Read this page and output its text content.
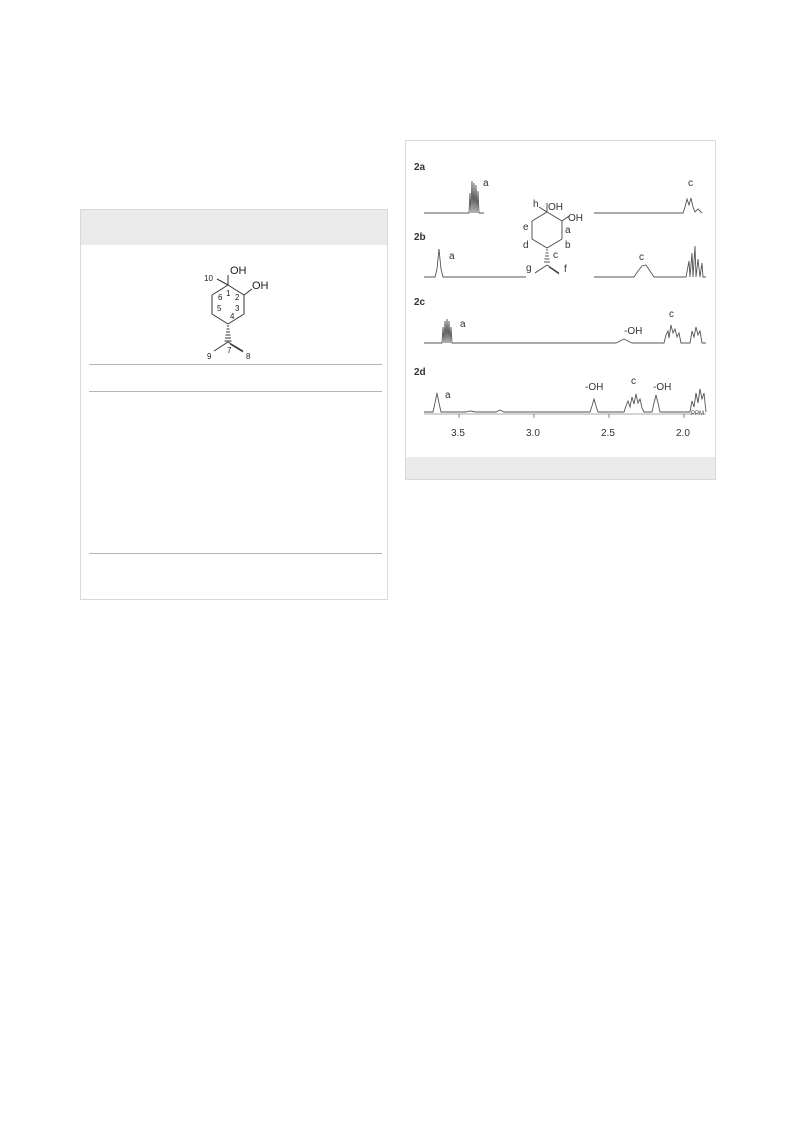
OH
OH
10
1
6 2
5 3
4
7
9	8
2a
2b
2c
2d
a	c
a	c
a
-OH
c
a
-OH
c
-OH
OH
OH
h
e	a
d	b
c
g	f
PPM
3.5	3.0	2.5	2.0
